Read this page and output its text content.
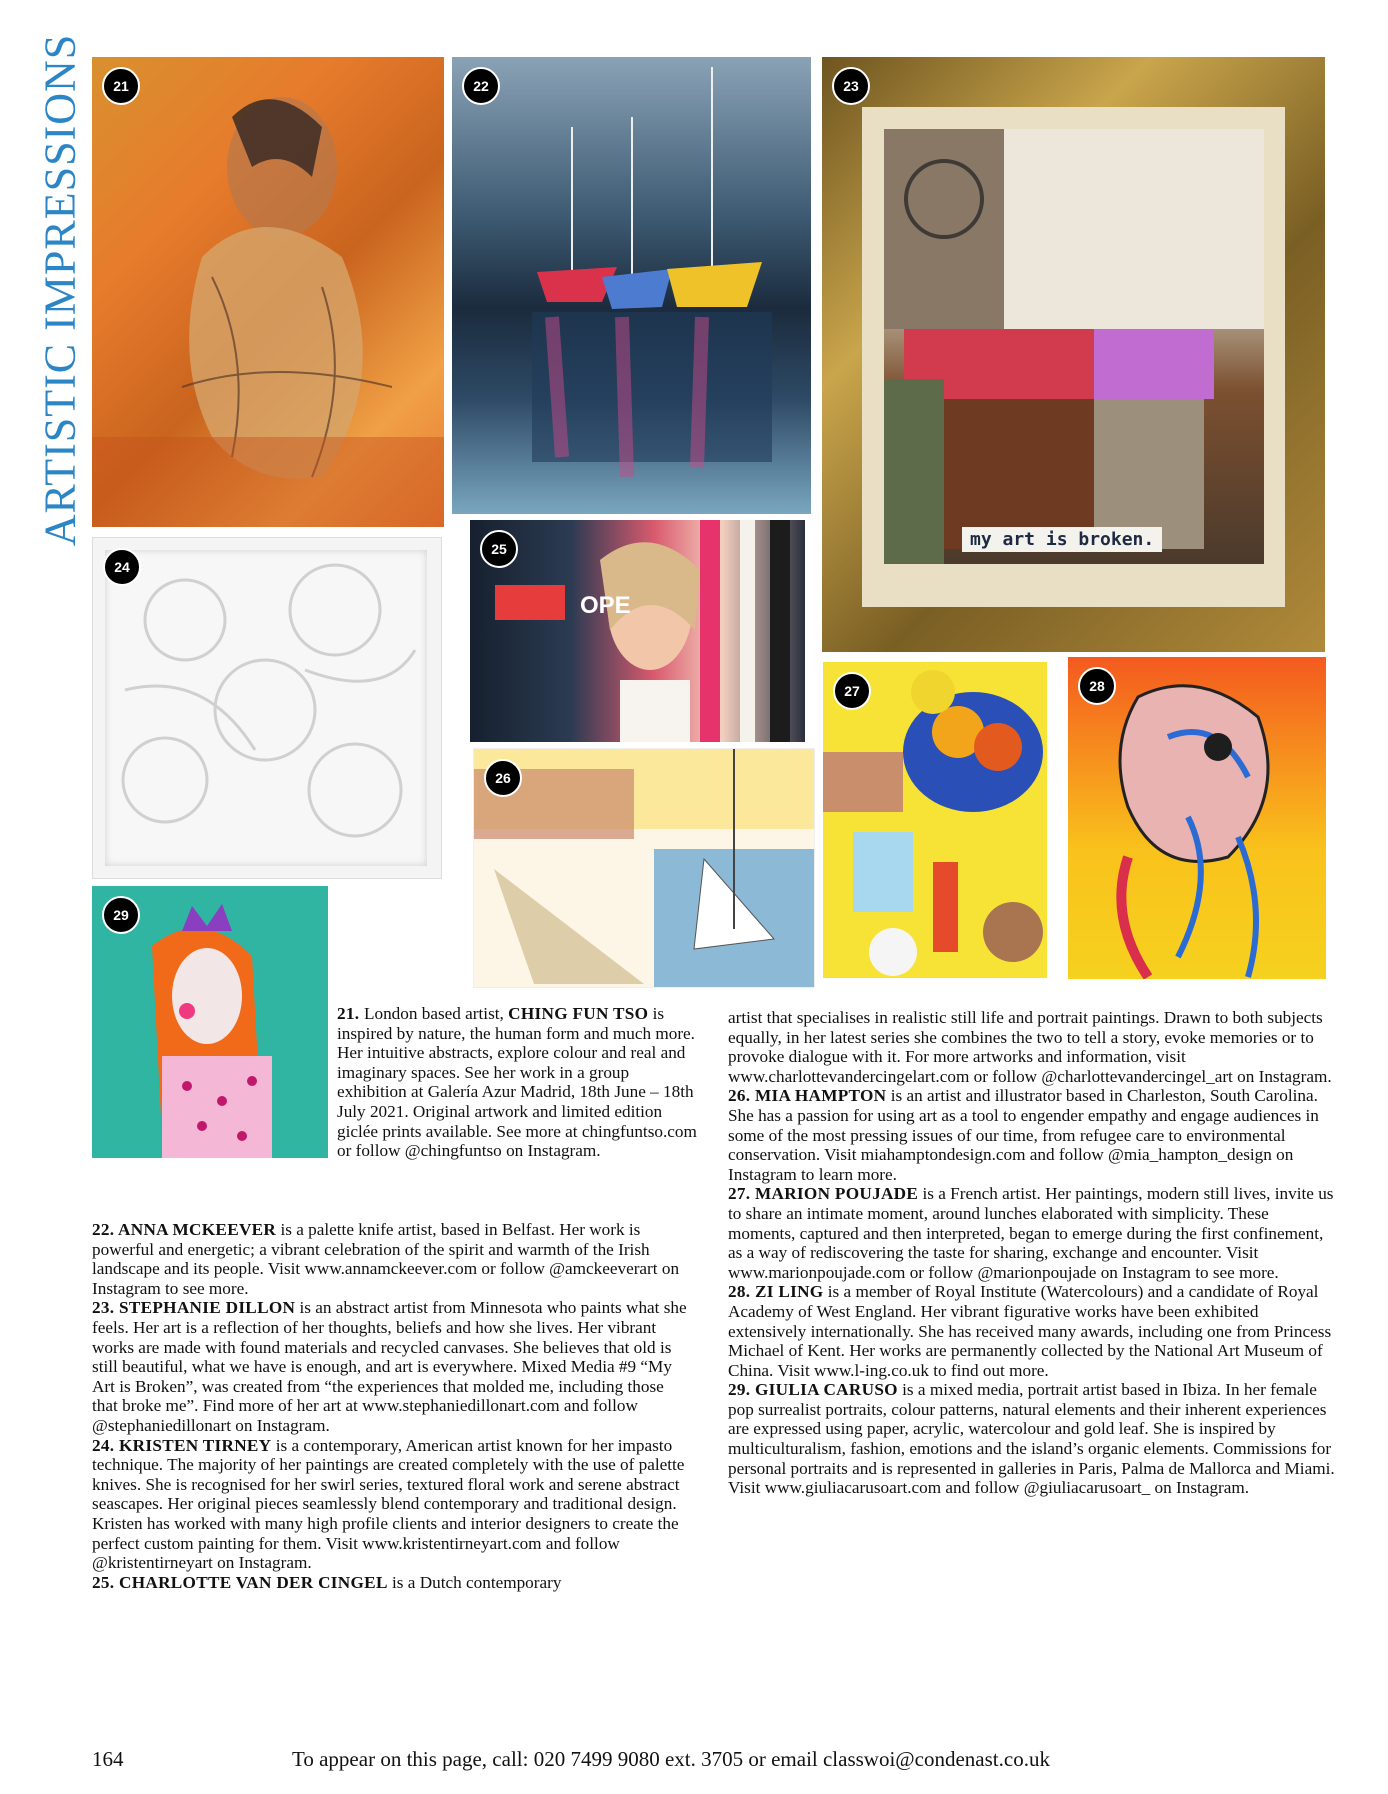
ARTISTIC IMPRESSIONS	21	22
my art is broken.
23
24
OPE
25
26
27	28
29

21. London based artist, CHING FUN TSO is inspired by nature, the human form and much more. Her intuitive abstracts, explore colour and real and imaginary spaces. See her work in a group exhibition at Galería Azur Madrid, 18th June – 18th July 2021. Original artwork and limited edition giclée prints available. See more at chingfuntso.com or follow @chingfuntso on Instagram.

22. ANNA MCKEEVER is a palette knife artist, based in Belfast. Her work is powerful and energetic; a vibrant celebration of the spirit and warmth of the Irish landscape and its people. Visit www.annamckeever.com or follow @amckeeverart on Instagram to see more.

23. STEPHANIE DILLON is an abstract artist from Minnesota who paints what she feels. Her art is a reflection of her thoughts, beliefs and how she lives. Her vibrant works are made with found materials and recycled canvases. She believes that old is still beautiful, what we have is enough, and art is everywhere. Mixed Media #9 “My Art is Broken”, was created from “the experiences that molded me, including those that broke me”. Find more of her art at www.stephaniedillonart.com and follow @stephaniedillonart on Instagram.

24. KRISTEN TIRNEY is a contemporary, American artist known for her impasto technique. The majority of her paintings are created completely with the use of palette knives. She is recognised for her swirl series, textured floral work and serene abstract seascapes. Her original pieces seamlessly blend contemporary and traditional design. Kristen has worked with many high profile clients and interior designers to create the perfect custom painting for them. Visit www.kristentirneyart.com and follow @kristentirneyart on Instagram.

25. CHARLOTTE VAN DER CINGEL is a Dutch contemporary

artist that specialises in realistic still life and portrait paintings. Drawn to both subjects equally, in her latest series she combines the two to tell a story, evoke memories or to provoke dialogue with it. For more artworks and information, visit www.charlottevandercingelart.com or follow @charlottevandercingel_art on Instagram.

26. MIA HAMPTON is an artist and illustrator based in Charleston, South Carolina. She has a passion for using art as a tool to engender empathy and engage audiences in some of the most pressing issues of our time, from refugee care to environmental conservation. Visit miahamptondesign.com and follow @mia_hampton_design on Instagram to learn more.

27. MARION POUJADE is a French artist. Her paintings, modern still lives, invite us to share an intimate moment, around lunches elaborated with simplicity. These moments, captured and then interpreted, began to emerge during the first confinement, as a way of rediscovering the taste for sharing, exchange and encounter. Visit www.marionpoujade.com or follow @marionpoujade on Instagram to see more.

28. ZI LING is a member of Royal Institute (Watercolours) and a candidate of Royal Academy of West England. Her vibrant figurative works have been exhibited extensively internationally. She has received many awards, including one from Princess Michael of Kent. Her works are permanently collected by the National Art Museum of China. Visit www.l-ing.co.uk to find out more.

29. GIULIA CARUSO is a mixed media, portrait artist based in Ibiza. In her female pop surrealist portraits, colour patterns, natural elements and their inherent experiences are expressed using paper, acrylic, watercolour and gold leaf. She is inspired by multiculturalism, fashion, emotions and the island’s organic elements. Commissions for personal portraits and is represented in galleries in Paris, Palma de Mallorca and Miami. Visit www.giuliacarusoart.com and follow @giuliacarusoart_ on Instagram.

164	To appear on this page, call: 020 7499 9080 ext. 3705 or email classwoi@condenast.co.uk
